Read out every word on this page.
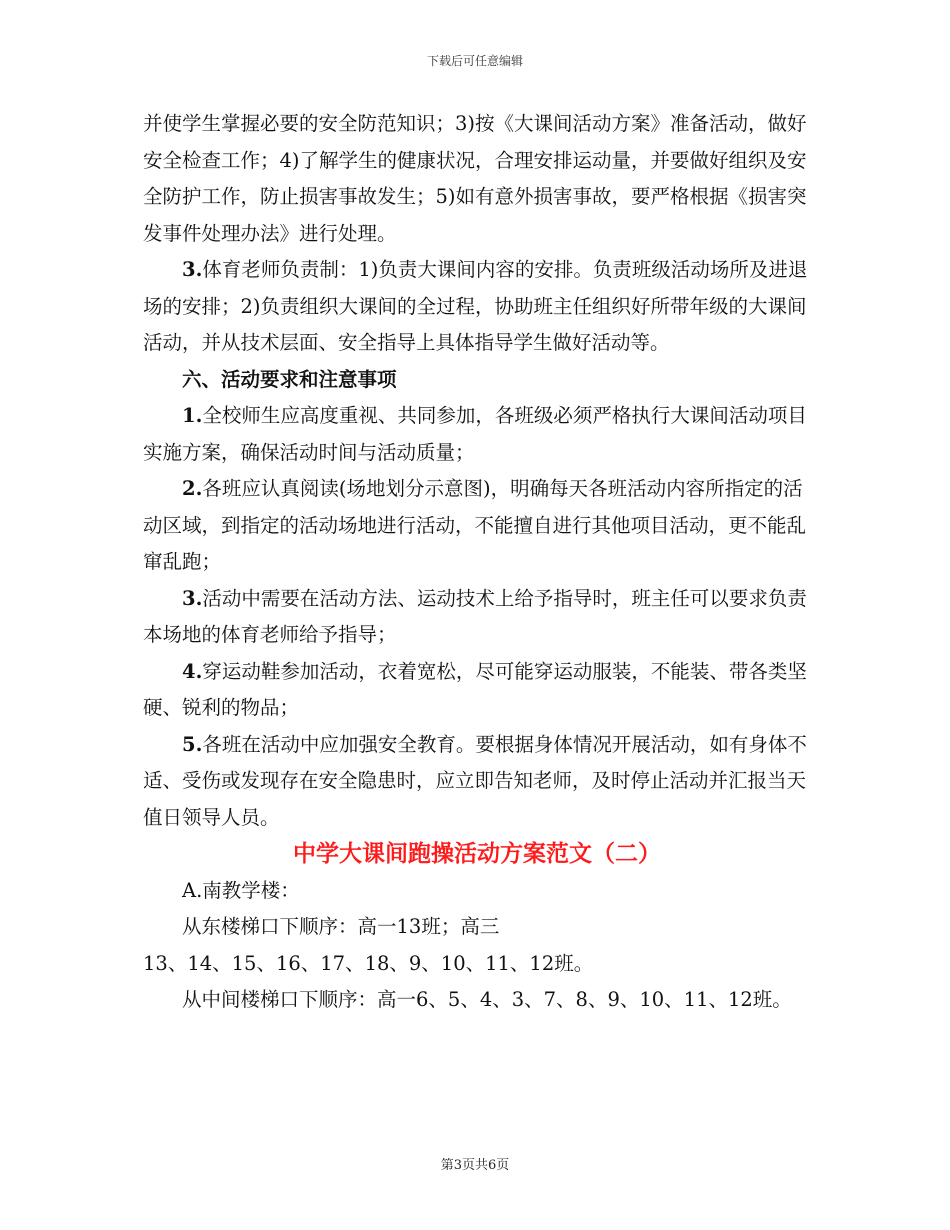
下载后可任意编辑

并使学生掌握必要的安全防范知识；3)按《大课间活动方案》准备活动，做好安全检查工作；4)了解学生的健康状况，合理安排运动量，并要做好组织及安全防护工作，防止损害事故发生；5)如有意外损害事故，要严格根据《损害突发事件处理办法》进行处理。

3.体育老师负责制：1)负责大课间内容的安排。负责班级活动场所及进退场的安排；2)负责组织大课间的全过程，协助班主任组织好所带年级的大课间活动，并从技术层面、安全指导上具体指导学生做好活动等。

六、活动要求和注意事项

1.全校师生应高度重视、共同参加，各班级必须严格执行大课间活动项目实施方案，确保活动时间与活动质量；

2.各班应认真阅读(场地划分示意图)，明确每天各班活动内容所指定的活动区域，到指定的活动场地进行活动，不能擅自进行其他项目活动，更不能乱窜乱跑；

3.活动中需要在活动方法、运动技术上给予指导时，班主任可以要求负责本场地的体育老师给予指导；

4.穿运动鞋参加活动，衣着宽松，尽可能穿运动服装，不能装、带各类坚硬、锐利的物品；

5.各班在活动中应加强安全教育。要根据身体情况开展活动，如有身体不适、受伤或发现存在安全隐患时，应立即告知老师，及时停止活动并汇报当天值日领导人员。

中学大课间跑操活动方案范文（二）

A.南教学楼：

从东楼梯口下顺序：高一13班；高三

13、14、15、16、17、18、9、10、11、12班。

从中间楼梯口下顺序：高一6、5、4、3、7、8、9、10、11、12班。

第3页共6页
